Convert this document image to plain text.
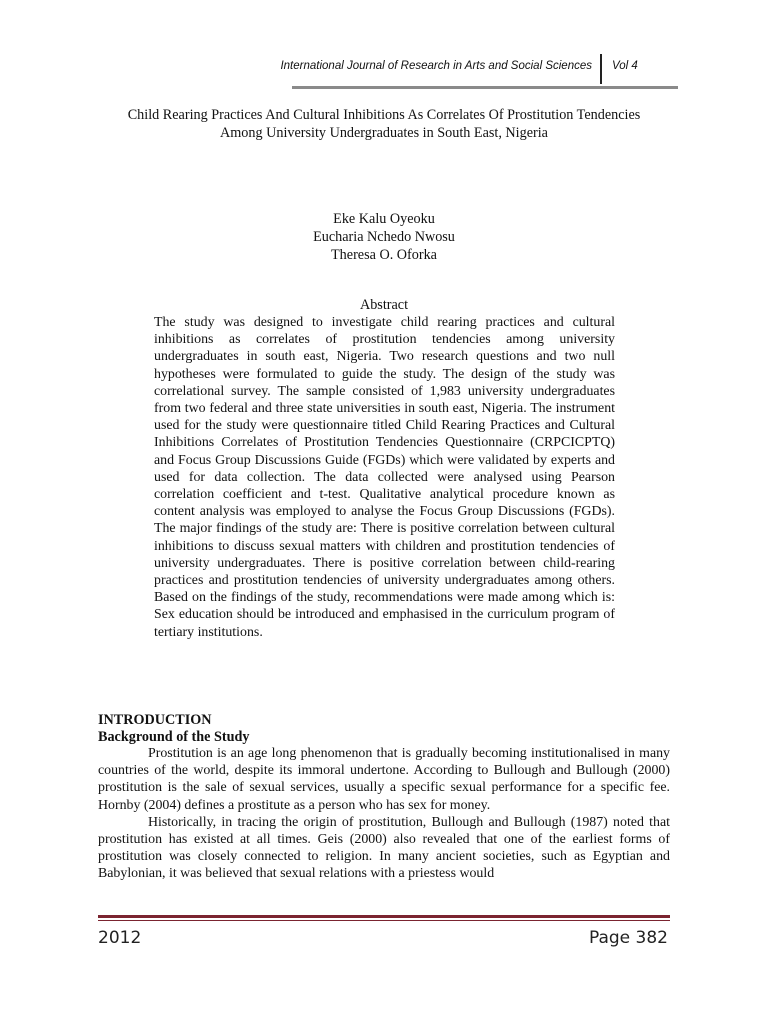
International Journal of Research in Arts and Social Sciences Vol 4
Child Rearing Practices And Cultural Inhibitions As Correlates Of Prostitution Tendencies
Among University Undergraduates in South East, Nigeria
Eke Kalu Oyeoku
Eucharia Nchedo Nwosu
Theresa O. Oforka
Abstract
The study was designed to investigate child rearing practices and cultural inhibitions as correlates of prostitution tendencies among university undergraduates in south east, Nigeria. Two research questions and two null hypotheses were formulated to guide the study. The design of the study was correlational survey. The sample consisted of 1,983 university undergraduates from two federal and three state universities in south east, Nigeria. The instrument used for the study were questionnaire titled Child Rearing Practices and Cultural Inhibitions Correlates of Prostitution Tendencies Questionnaire (CRPCICPTQ) and Focus Group Discussions Guide (FGDs) which were validated by experts and used for data collection. The data collected were analysed using Pearson correlation coefficient and t-test. Qualitative analytical procedure known as content analysis was employed to analyse the Focus Group Discussions (FGDs). The major findings of the study are: There is positive correlation between cultural inhibitions to discuss sexual matters with children and prostitution tendencies of university undergraduates. There is positive correlation between child-rearing practices and prostitution tendencies of university undergraduates among others. Based on the findings of the study, recommendations were made among which is: Sex education should be introduced and emphasised in the curriculum program of tertiary institutions.
INTRODUCTION
Background of the Study

Prostitution is an age long phenomenon that is gradually becoming institutionalised in many countries of the world, despite its immoral undertone. According to Bullough and Bullough (2000) prostitution is the sale of sexual services, usually a specific sexual performance for a specific fee. Hornby (2004) defines a prostitute as a person who has sex for money.

Historically, in tracing the origin of prostitution, Bullough and Bullough (1987) noted that prostitution has existed at all times. Geis (2000) also revealed that one of the earliest forms of prostitution was closely connected to religion. In many ancient societies, such as Egyptian and Babylonian, it was believed that sexual relations with a priestess would

2012	Page 382
